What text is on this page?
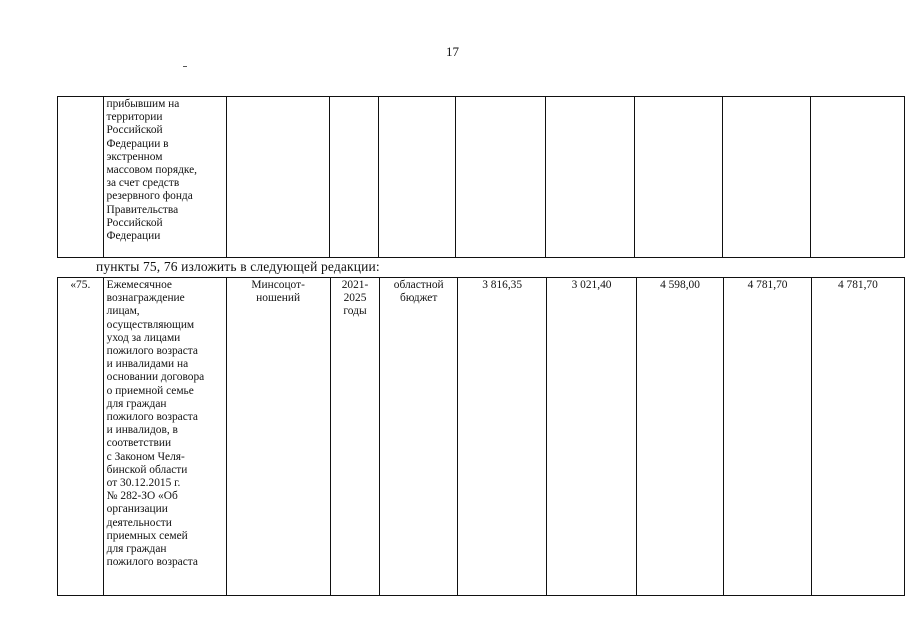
17
	прибывшим на
территории
Российской
Федерации в
экстренном
массовом порядке,
за счет средств
резервного фонда
Правительства
Российской
Федерации								
пункты 75, 76 изложить в следующей редакции:
«75.	Ежемесячное
вознаграждение
лицам,
осуществляющим
уход за лицами
пожилого возраста
и инвалидами на
основании договора
о приемной семье
для граждан
пожилого возраста
и инвалидов, в
соответствии
с Законом Челя-
бинской области
от 30.12.2015 г.
№ 282-ЗО «Об
организации
деятельности
приемных семей
для граждан
пожилого возраста	Минсоцот-
ношений	2021-
2025
годы	областной
бюджет	3 816,35	3 021,40	4 598,00	4 781,70	4 781,70
